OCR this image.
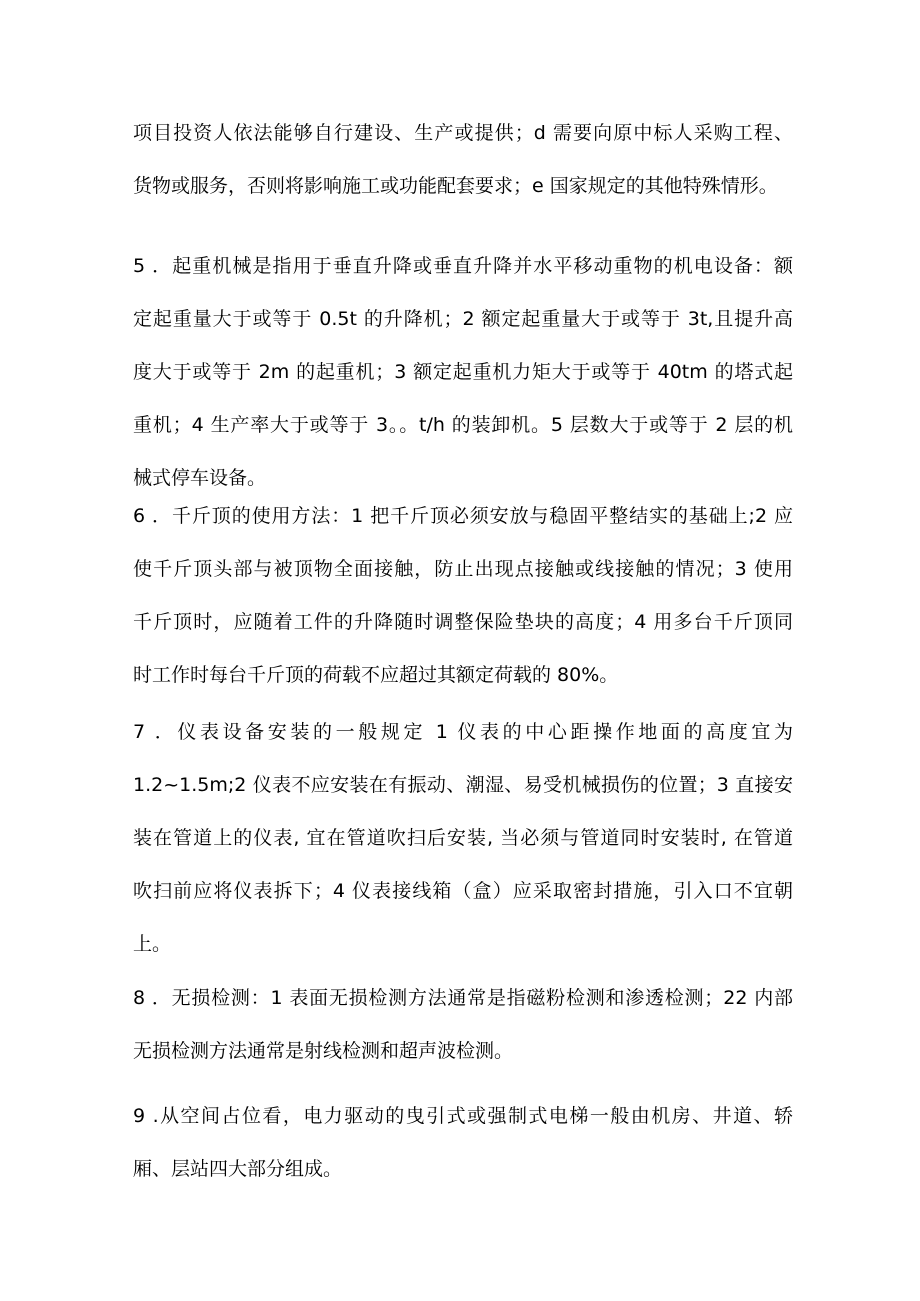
项目投资人依法能够自行建设、生产或提供；d 需要向原中标人采购工程、
货物或服务，否则将影响施工或功能配套要求；e 国家规定的其他特殊情形。
5 ．起重机械是指用于垂直升降或垂直升降并水平移动重物的机电设备：额
定起重量大于或等于 0.5t 的升降机；2 额定起重量大于或等于 3t,且提升高
度大于或等于 2m 的起重机；3 额定起重机力矩大于或等于 40tm 的塔式起
重机；4 生产率大于或等于 3。。t/h 的装卸机。5 层数大于或等于 2 层的机
械式停车设备。
6 ．千斤顶的使用方法：1 把千斤顶必须安放与稳固平整结实的基础上;2 应
使千斤顶头部与被顶物全面接触，防止出现点接触或线接触的情况；3 使用
千斤顶时，应随着工件的升降随时调整保险垫块的高度；4 用多台千斤顶同
时工作时每台千斤顶的荷载不应超过其额定荷载的 80%。
7 ．仪表设备安装的一般规定 1 仪表的中心距操作地面的高度宜为
1.2~1.5m;2 仪表不应安装在有振动、潮湿、易受机械损伤的位置；3 直接安
装在管道上的仪表, 宜在管道吹扫后安装, 当必须与管道同时安装时, 在管道
吹扫前应将仪表拆下；4 仪表接线箱（盒）应采取密封措施，引入口不宜朝
上。
8 ．无损检测：1 表面无损检测方法通常是指磁粉检测和渗透检测；22 内部
无损检测方法通常是射线检测和超声波检测。
9 .从空间占位看，电力驱动的曳引式或强制式电梯一般由机房、井道、轿
厢、层站四大部分组成。
